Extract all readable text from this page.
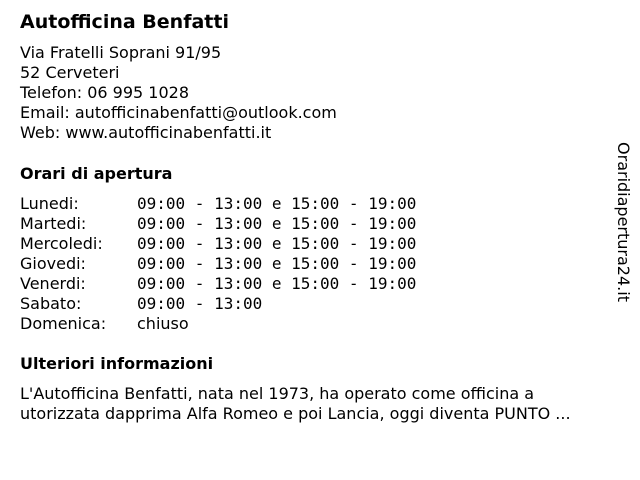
Autofficina Benfatti
Via Fratelli Soprani 91/95
52 Cerveteri
Telefon: 06 995 1028
Email: autofficinabenfatti@outlook.com
Web: www.autofficinabenfatti.it
Orari di apertura
Lunedi:	09:00 - 13:00 e 15:00 - 19:00
Martedi:	09:00 - 13:00 e 15:00 - 19:00
Mercoledi:	09:00 - 13:00 e 15:00 - 19:00
Giovedi:	09:00 - 13:00 e 15:00 - 19:00
Venerdi:	09:00 - 13:00 e 15:00 - 19:00
Sabato:	09:00 - 13:00
Domenica:	chiuso
Ulteriori informazioni
L'Autofficina Benfatti, nata nel 1973, ha operato come officina a
utorizzata dapprima Alfa Romeo e poi Lancia, oggi diventa PUNTO ...
Oraridiapertura24.it
